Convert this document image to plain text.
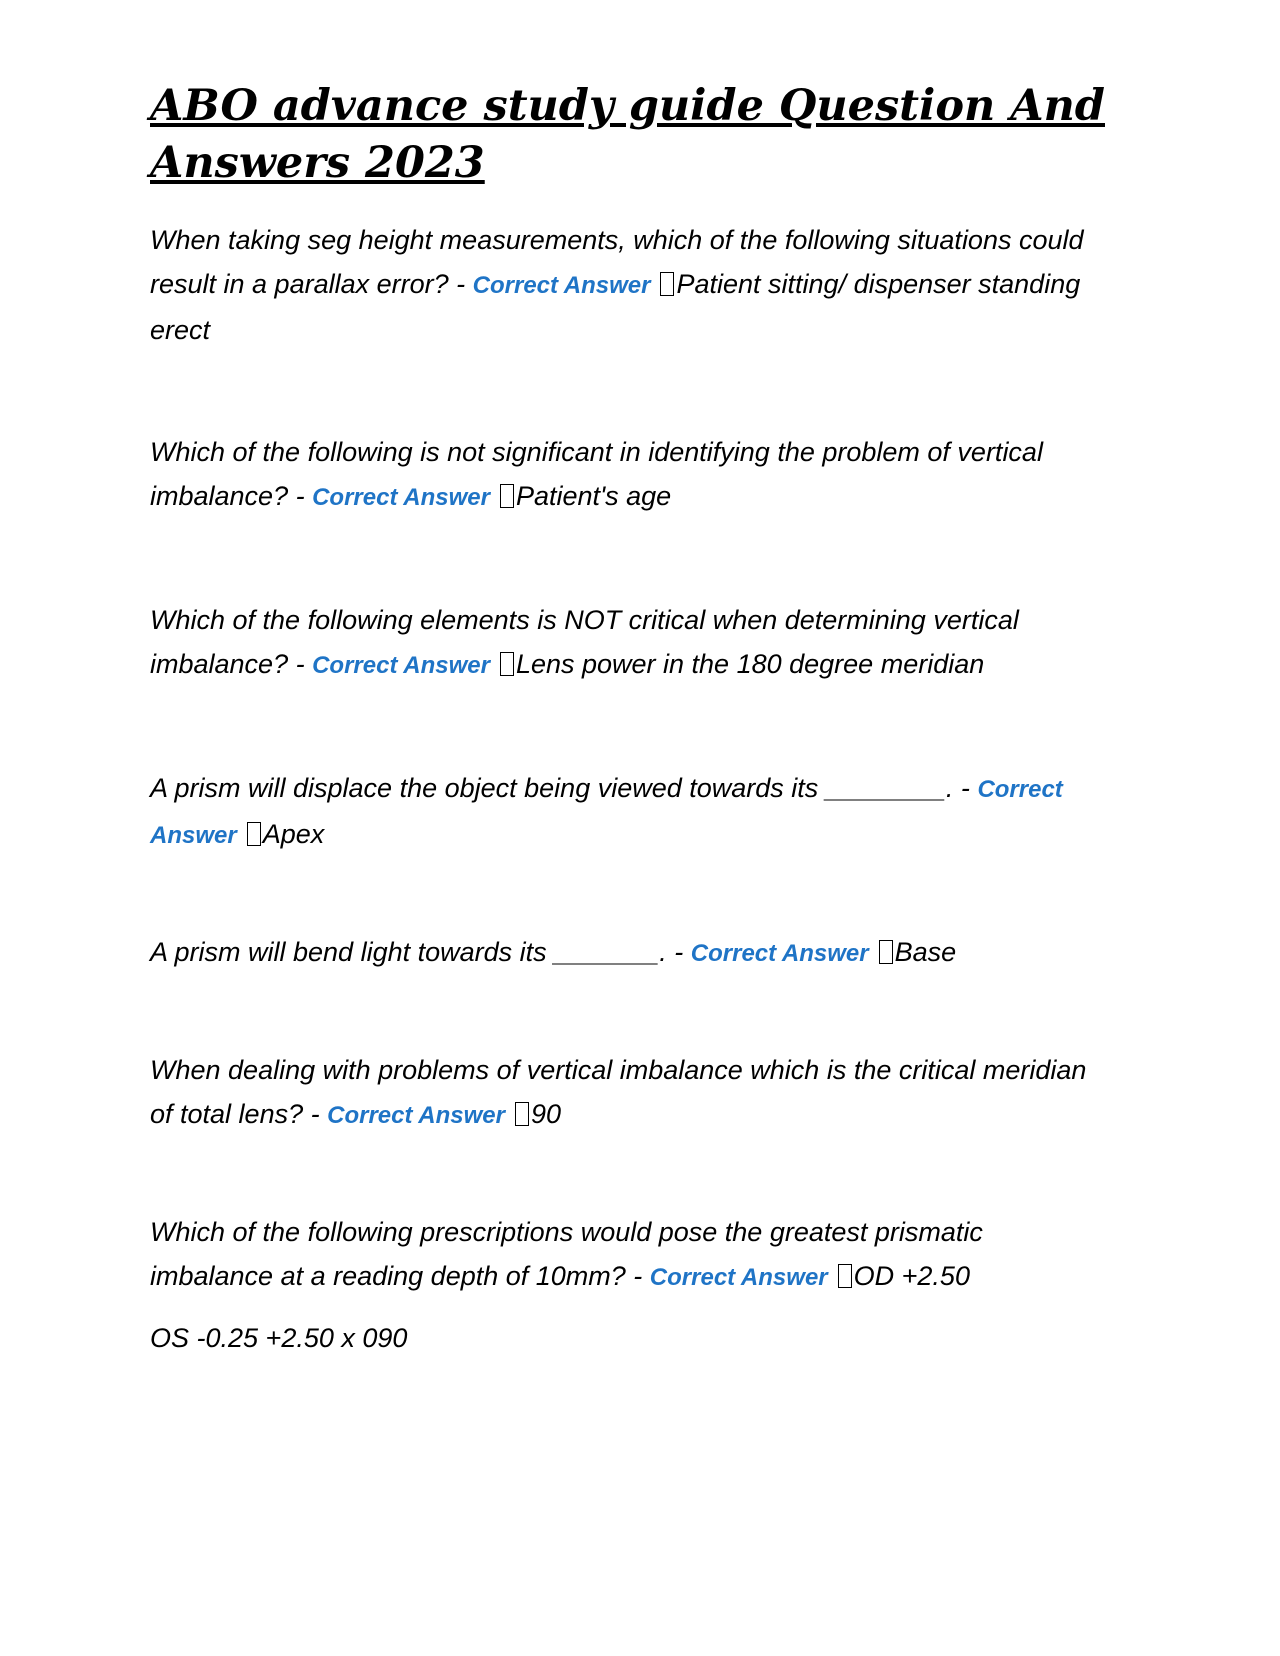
ABO advance study guide Question And Answers 2023

When taking seg height measurements, which of the following situations could result in a parallax error? - Correct Answer Patient sitting/ dispenser standing erect

Which of the following is not significant in identifying the problem of vertical imbalance? - Correct Answer Patient's age

Which of the following elements is NOT critical when determining vertical imbalance? - Correct Answer Lens power in the 180 degree meridian

A prism will displace the object being viewed towards its ________. - Correct Answer Apex

A prism will bend light towards its _______. - Correct Answer Base

When dealing with problems of vertical imbalance which is the critical meridian of total lens? - Correct Answer 90

Which of the following prescriptions would pose the greatest prismatic imbalance at a reading depth of 10mm? - Correct Answer OD +2.50

OS -0.25 +2.50 x 090
